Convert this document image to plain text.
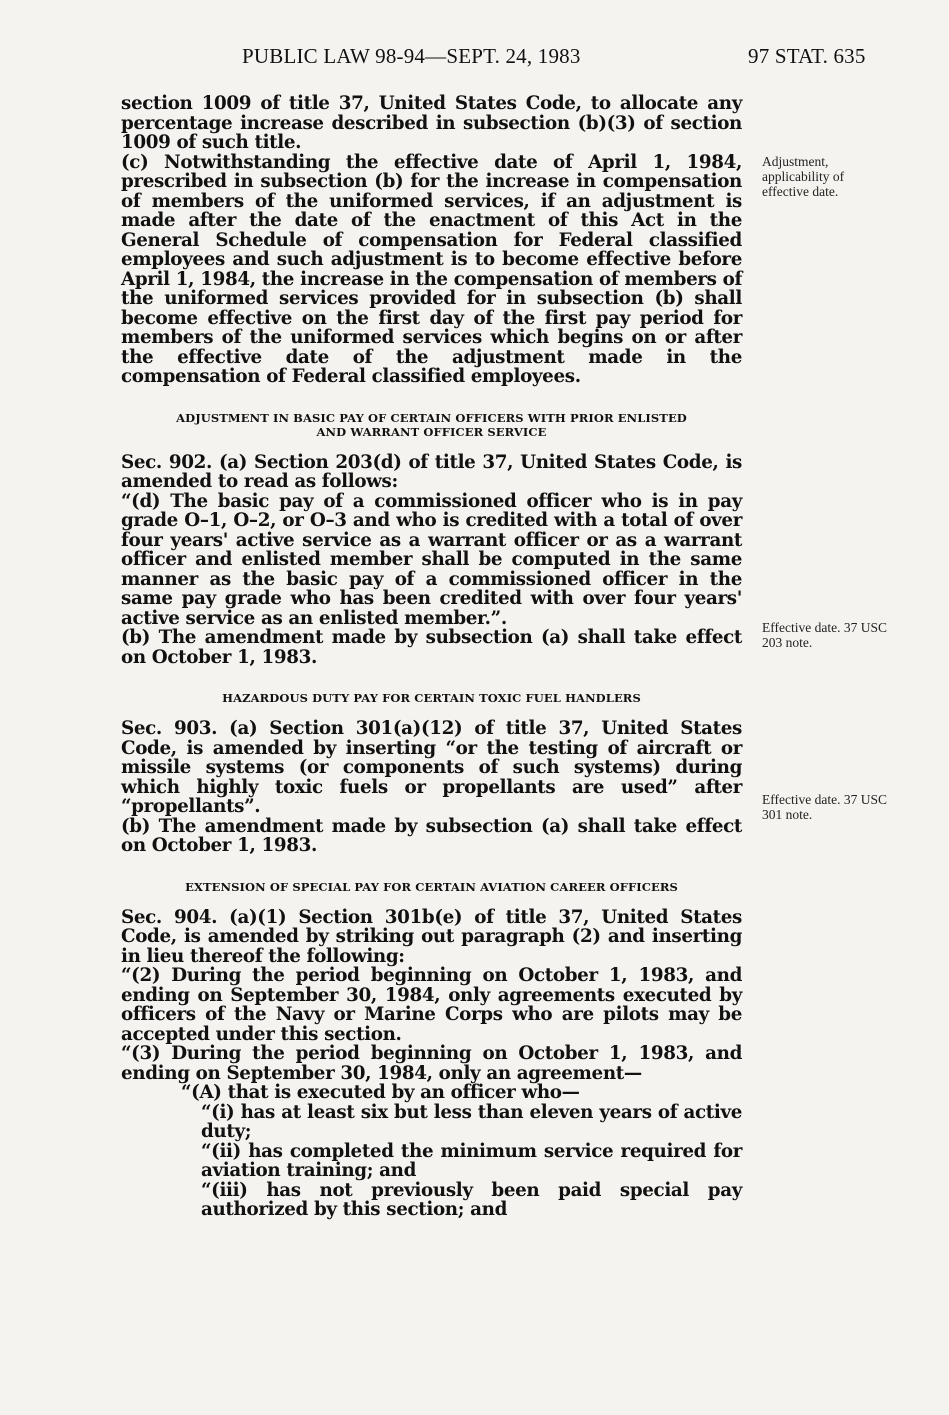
PUBLIC LAW 98-94—SEPT. 24, 1983	97 STAT. 635

section 1009 of title 37, United States Code, to allocate any percentage increase described in subsection (b)(3) of section 1009 of such title.

(c) Notwithstanding the effective date of April 1, 1984, prescribed in subsection (b) for the increase in compensation of members of the uniformed services, if an adjustment is made after the date of the enactment of this Act in the General Schedule of compensation for Federal classified employees and such adjustment is to become effective before April 1, 1984, the increase in the compensation of members of the uniformed services provided for in subsection (b) shall become effective on the first day of the first pay period for members of the uniformed services which begins on or after the effective date of the adjustment made in the compensation of Federal classified employees.

ADJUSTMENT IN BASIC PAY OF CERTAIN OFFICERS WITH PRIOR ENLISTED AND WARRANT OFFICER SERVICE

Sec. 902. (a) Section 203(d) of title 37, United States Code, is amended to read as follows:

“(d) The basic pay of a commissioned officer who is in pay grade O–1, O–2, or O–3 and who is credited with a total of over four years' active service as a warrant officer or as a warrant officer and enlisted member shall be computed in the same manner as the basic pay of a commissioned officer in the same pay grade who has been credited with over four years' active service as an enlisted member.”.

(b) The amendment made by subsection (a) shall take effect on October 1, 1983.

HAZARDOUS DUTY PAY FOR CERTAIN TOXIC FUEL HANDLERS

Sec. 903. (a) Section 301(a)(12) of title 37, United States Code, is amended by inserting “or the testing of aircraft or missile systems (or components of such systems) during which highly toxic fuels or propellants are used” after “propellants”.

(b) The amendment made by subsection (a) shall take effect on October 1, 1983.

EXTENSION OF SPECIAL PAY FOR CERTAIN AVIATION CAREER OFFICERS

Sec. 904. (a)(1) Section 301b(e) of title 37, United States Code, is amended by striking out paragraph (2) and inserting in lieu thereof the following:

“(2) During the period beginning on October 1, 1983, and ending on September 30, 1984, only agreements executed by officers of the Navy or Marine Corps who are pilots may be accepted under this section.

“(3) During the period beginning on October 1, 1983, and ending on September 30, 1984, only an agreement—

“(A) that is executed by an officer who—

“(i) has at least six but less than eleven years of active duty;

“(ii) has completed the minimum service required for aviation training; and

“(iii) has not previously been paid special pay authorized by this section; and

Adjustment, applicability of effective date.
Effective date. 37 USC 203 note.
Effective date. 37 USC 301 note.
